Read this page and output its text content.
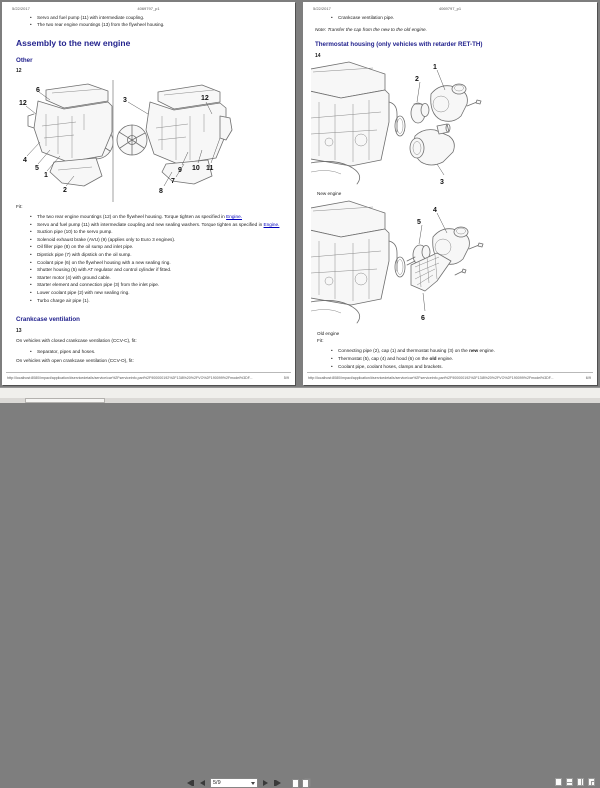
5/22/2017	4069797_p1
• Servo and fuel pump (11) with intermediate coupling.
• The two rear engine mountings (13) from the flywheel housing.
Assembly to the new engine
Other
12
6
12
4
5
1
2
3	12
9 10 11
7
8
Fit:
• The two rear engine mountings (12) on the flywheel housing. Torque tighten as specified in Engine.
• Servo and fuel pump (11) with intermediate coupling and new sealing washers. Torque tighten as specified in Engine.
• Suction pipe (10) to the servo pump.
• Solenoid exhaust brake (AVU) (9) (applies only to Euro 3 engines).
• Oil filler pipe (8) on the oil sump and inlet pipe.
• Dipstick pipe (7) with dipstick on the oil sump.
• Coolant pipe (6) on the flywheel housing with a new sealing ring.
• Shutter housing (5) with AT regulator and control cylinder if fitted.
• Starter motor (4) with ground cable.
• Starter element and connection pipe (3) from the inlet pipe.
• Lower coolant pipe (2) with new sealing ring.
• Turbo charge air pipe (1).
Crankcase ventilation
13
On vehicles with closed crankcase ventilation (CCV-C), fit:
• Separator, pipes and hoses.
On vehicles with open crankcase ventilation (CCV-O), fit:
http://localhost:8080/impact/application/#servicedetails/service/car%2Fserviceinfo,part%2F900000192%2F13I8%20%2FVO%2F190099%2Fmodel%3DF...	5/9
5/22/2017	4069797_p1
• Crankcase ventilation pipe.
Note: Transfer the cap from the new to the old engine.
Thermostat housing (only vehicles with retarder RET-TH)
14
1
2
3
New engine
4
5
6
Old engine
Fit:
• Connecting pipe (2), cap (1) and thermostat housing (3) on the new engine.
• Thermostat (5), cap (4) and hood (6) on the old engine.
• Coolant pipe, coolant hoses, clamps and brackets.
http://localhost:8080/impact/application/#servicedetails/service/car%2Fserviceinfo,part%2F900000192%2F13I8%20%2FVO%2F190099%2Fmodel%3DF...	6/9
5/9
